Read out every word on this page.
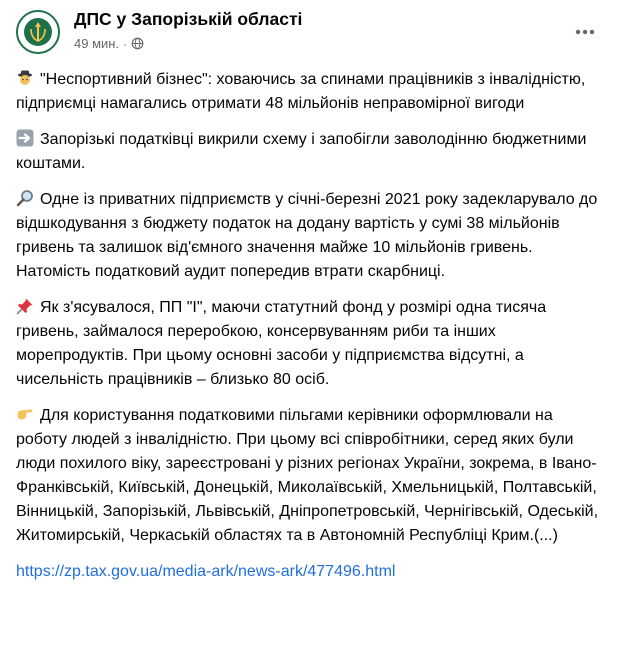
ДПС у Запорізькій області
49 мин. ·

"Неспортивний бізнес": ховаючись за спинами працівників з інвалідністю, підприємці намагались отримати 48 мільйонів неправомірної вигоди

Запорізькі податківці викрили схему і запобігли заволодінню бюджетними коштами.

Одне із приватних підприємств у січні-березні 2021 року задекларувало до відшкодування з бюджету податок на додану вартість у сумі 38 мільйонів гривень та залишок від'ємного значення майже 10 мільйонів гривень. Натомість податковий аудит попередив втрати скарбниці.

Як з'ясувалося, ПП "І", маючи статутний фонд у розмірі одна тисяча гривень, займалося переробкою, консервуванням риби та інших морепродуктів. При цьому основні засоби у підприємства відсутні, а чисельність працівників – близько 80 осіб.

Для користування податковими пільгами керівники оформлювали на роботу людей з інвалідністю. При цьому всі співробітники, серед яких були люди похилого віку, зареєстровані у різних регіонах України, зокрема, в Івано-Франківській, Київській, Донецькій, Миколаївській, Хмельницькій, Полтавській, Вінницькій, Запорізькій, Львівській, Дніпропетровській, Чернігівській, Одеській, Житомирській, Черкаській областях та в Автономній Республіці Крим.(...)

https://zp.tax.gov.ua/media-ark/news-ark/477496.html
